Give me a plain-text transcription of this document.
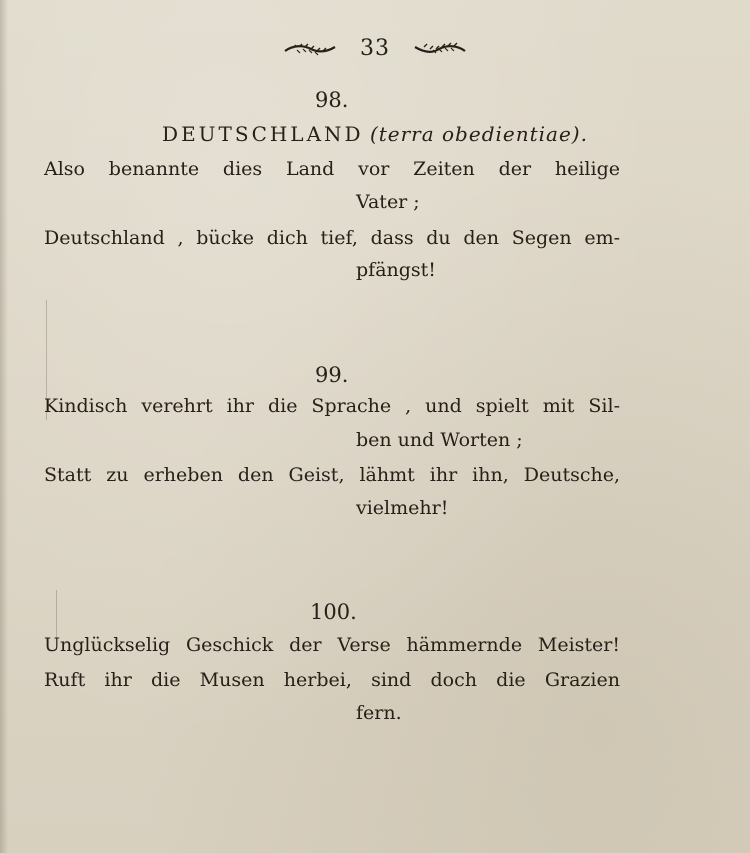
33
98.
DEUTSCHLAND (terra obedientiae).
Also benannte dies Land vor Zeiten der heilige
Vater ;
Deutschland , bücke dich tief, dass du den Segen em-
pfängst!
99.
Kindisch verehrt ihr die Sprache , und spielt mit Sil-
ben und Worten ;
Statt zu erheben den Geist, lähmt ihr ihn, Deutsche,
vielmehr!
100.
Unglückselig Geschick der Verse hämmernde Meister!
Ruft ihr die Musen herbei, sind doch die Grazien
fern.
